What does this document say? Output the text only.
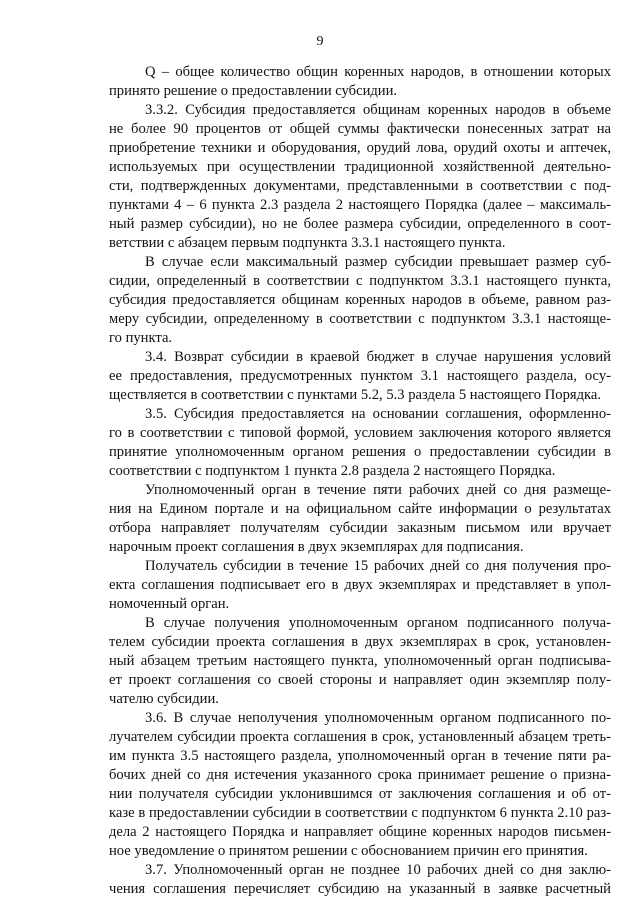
9
Q – общее количество общин коренных народов, в отношении которых
принято решение о предоставлении субсидии.
3.3.2. Субсидия предоставляется общинам коренных народов в объеме
не более 90 процентов от общей суммы фактически понесенных затрат на
приобретение техники и оборудования, орудий лова, орудий охоты и аптечек,
используемых при осуществлении традиционной хозяйственной деятельно-
сти, подтвержденных документами, представленными в соответствии с под-
пунктами 4 – 6 пункта 2.3 раздела 2 настоящего Порядка (далее – максималь-
ный размер субсидии), но не более размера субсидии, определенного в соот-
ветствии с абзацем первым подпункта 3.3.1 настоящего пункта.
В случае если максимальный размер субсидии превышает размер суб-
сидии, определенный в соответствии с подпунктом 3.3.1 настоящего пункта,
субсидия предоставляется общинам коренных народов в объеме, равном раз-
меру субсидии, определенному в соответствии с подпунктом 3.3.1 настояще-
го пункта.
3.4. Возврат субсидии в краевой бюджет в случае нарушения условий
ее предоставления, предусмотренных пунктом 3.1 настоящего раздела, осу-
ществляется в соответствии с пунктами 5.2, 5.3 раздела 5 настоящего Порядка.
3.5. Субсидия предоставляется на основании соглашения, оформленно-
го в соответствии с типовой формой, условием заключения которого является
принятие уполномоченным органом решения о предоставлении субсидии в
соответствии с подпунктом 1 пункта 2.8 раздела 2 настоящего Порядка.
Уполномоченный орган в течение пяти рабочих дней со дня размеще-
ния на Едином портале и на официальном сайте информации о результатах
отбора направляет получателям субсидии заказным письмом или вручает
нарочным проект соглашения в двух экземплярах для подписания.
Получатель субсидии в течение 15 рабочих дней со дня получения про-
екта соглашения подписывает его в двух экземплярах и представляет в упол-
номоченный орган.
В случае получения уполномоченным органом подписанного получа-
телем субсидии проекта соглашения в двух экземплярах в срок, установлен-
ный абзацем третьим настоящего пункта, уполномоченный орган подписыва-
ет проект соглашения со своей стороны и направляет один экземпляр полу-
чателю субсидии.
3.6. В случае неполучения уполномоченным органом подписанного по-
лучателем субсидии проекта соглашения в срок, установленный абзацем треть-
им пункта 3.5 настоящего раздела, уполномоченный орган в течение пяти ра-
бочих дней со дня истечения указанного срока принимает решение о призна-
нии получателя субсидии уклонившимся от заключения соглашения и об от-
казе в предоставлении субсидии в соответствии с подпунктом 6 пункта 2.10 раз-
дела 2 настоящего Порядка и направляет общине коренных народов письмен-
ное уведомление о принятом решении с обоснованием причин его принятия.
3.7. Уполномоченный орган не позднее 10 рабочих дней со дня заклю-
чения соглашения перечисляет субсидию на указанный в заявке расчетный
